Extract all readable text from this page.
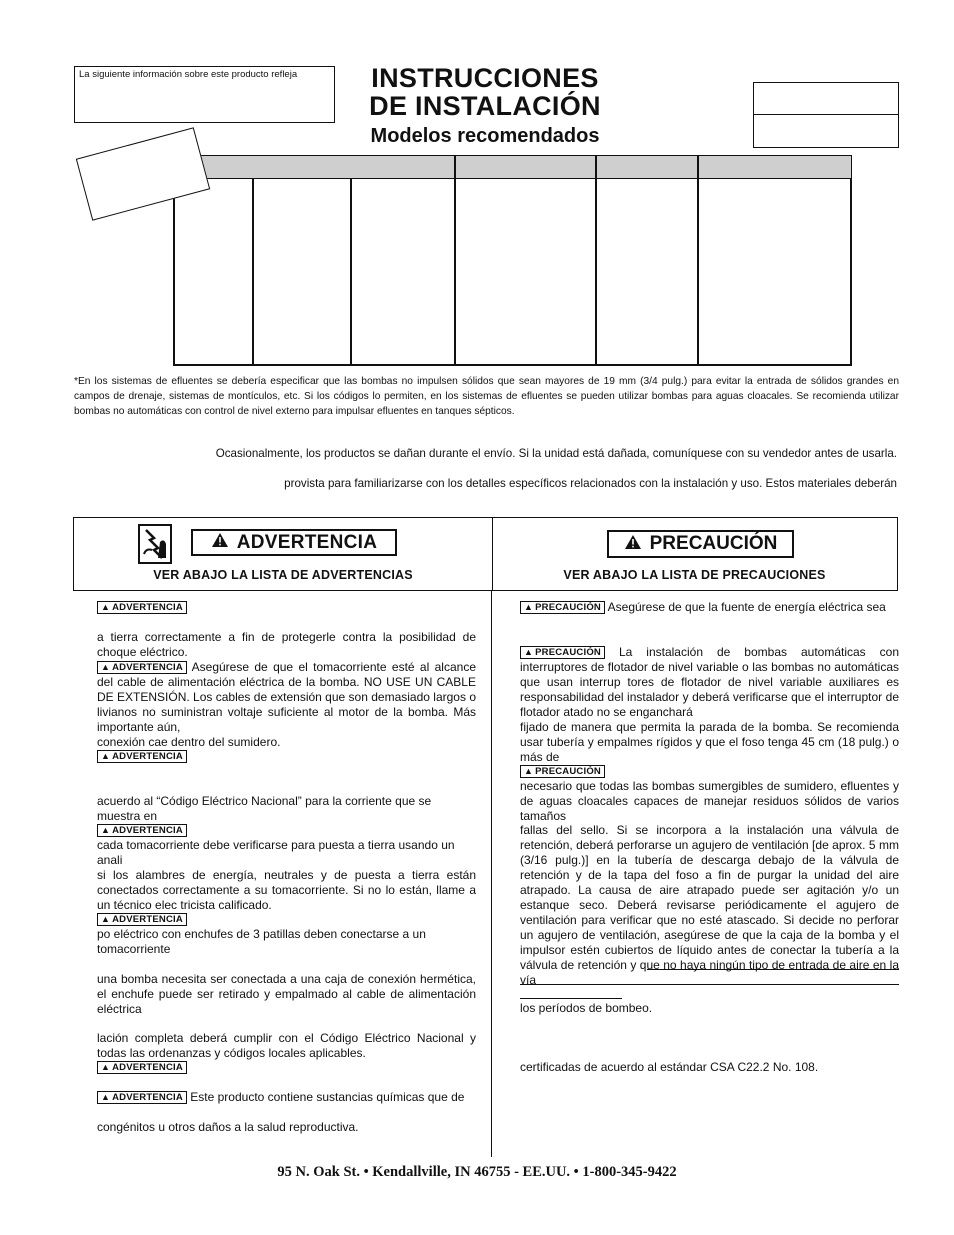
La siguiente información sobre este producto refleja	INSTRUCCIONES
DE INSTALACIÓN
Modelos recomendados
*En los sistemas de efluentes se debería especificar que las bombas no impulsen sólidos que sean mayores de 19 mm (3/4 pulg.) para evitar la entrada de sólidos grandes en campos de drenaje, sistemas de montículos, etc. Si los códigos lo permiten, en los sistemas de efluentes se pueden utilizar bombas para aguas cloacales. Se recomienda utilizar bombas no automáticas con control de nivel externo para impulsar efluentes en tanques sépticos.
Ocasionalmente, los productos se dañan durante el envío. Si la unidad está dañada, comuníquese con su vendedor antes de usarla.
provista para familiarizarse con los detalles específicos relacionados con la instalación y uso. Estos materiales deberán
ADVERTENCIA
VER ABAJO LA LISTA DE ADVERTENCIAS
PRECAUCIÓN
VER ABAJO LA LISTA DE PRECAUCIONES
▲ ADVERTENCIA
a tierra correctamente a fin de protegerle contra la posibilidad de choque eléctrico.
▲ ADVERTENCIA Asegúrese de que el tomacorriente esté al alcance del cable de alimentación eléctrica de la bomba. NO USE UN CABLE DE EXTENSIÓN. Los cables de extensión que son demasiado largos o livianos no suministran voltaje suficiente al motor de la bomba. Más importante aún,
conexión cae dentro del sumidero.
▲ ADVERTENCIA
acuerdo al “Código Eléctrico Nacional” para la corriente que se muestra en
▲ ADVERTENCIA
cada tomacorriente debe verificarse para puesta a tierra usando un anali
si los alambres de energía, neutrales y de puesta a tierra están conectados correctamente a su tomacorriente. Si no lo están, llame a un técnico elec tricista calificado.
▲ ADVERTENCIA
po eléctrico con enchufes de 3 patillas deben conectarse a un tomacorriente
una bomba necesita ser conectada a una caja de conexión hermética, el enchufe puede ser retirado y empalmado al cable de alimentación eléctrica
lación completa deberá cumplir con el Código Eléctrico Nacional y todas las ordenanzas y códigos locales aplicables.
▲ ADVERTENCIA
▲ ADVERTENCIA Este producto contiene sustancias químicas que de
congénitos u otros daños a la salud reproductiva.
▲ PRECAUCIÓN Asegúrese de que la fuente de energía eléctrica sea
▲ PRECAUCIÓN La instalación de bombas automáticas con interruptores de flotador de nivel variable o las bombas no automáticas que usan interrup tores de flotador de nivel variable auxiliares es responsabilidad del instalador y deberá verificarse que el interruptor de flotador atado no se enganchará
fijado de manera que permita la parada de la bomba. Se recomienda usar tubería y empalmes rígidos y que el foso tenga 45 cm (18 pulg.) o más de
▲ PRECAUCIÓN
necesario que todas las bombas sumergibles de sumidero, efluentes y de aguas cloacales capaces de manejar residuos sólidos de varios tamaños
fallas del sello. Si se incorpora a la instalación una válvula de retención, deberá perforarse un agujero de ventilación [de aprox. 5 mm (3/16 pulg.)] en la tubería de descarga debajo de la válvula de retención y de la tapa del foso a fin de purgar la unidad del aire atrapado. La causa de aire atrapado puede ser agitación y/o un estanque seco. Deberá revisarse periódicamente el agujero de ventilación para verificar que no esté atascado. Si decide no perforar un agujero de ventilación, asegúrese de que la caja de la bomba y el impulsor estén cubiertos de líquido antes de conectar la tubería a la válvula de retención y que no haya ningún tipo de entrada de aire en la vía
los períodos de bombeo.
certificadas de acuerdo al estándar CSA C22.2 No. 108.
95 N. Oak St. • Kendallville, IN 46755 - EE.UU. • 1-800-345-9422
